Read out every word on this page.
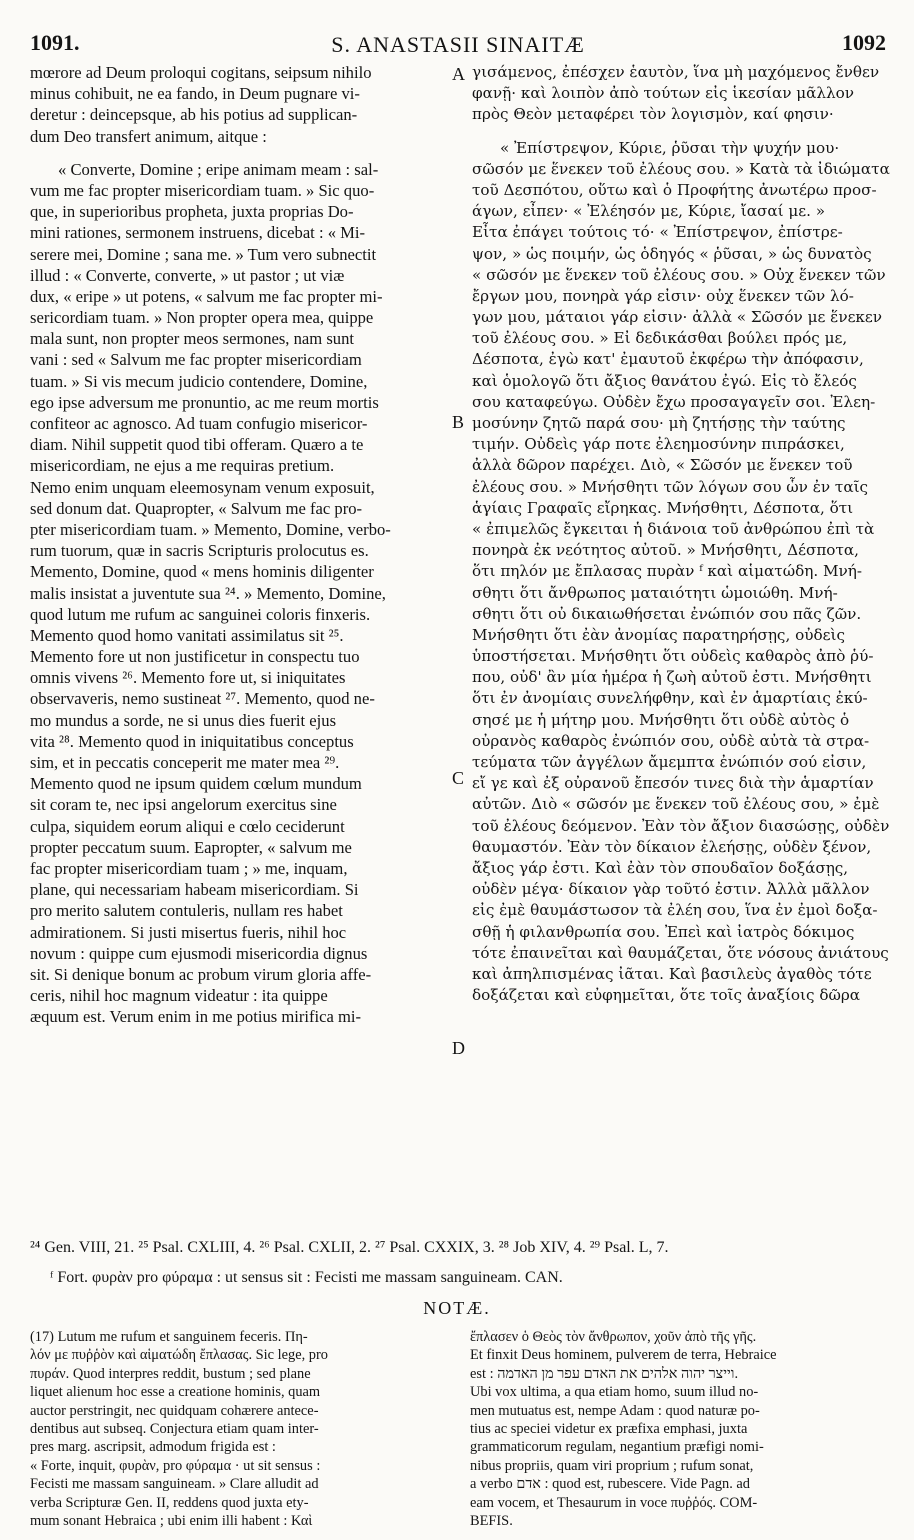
1091.	S. ANASTASII SINAITÆ	1092
mœrore ad Deum proloqui cogitans, seipsum nihilo
minus cohibuit, ne ea fando, in Deum pugnare vi-
deretur : deincepsque, ab his potius ad supplican-
dum Deo transfert animum, aitque :
« Converte, Domine ; eripe animam meam : sal-
vum me fac propter misericordiam tuam. » Sic quo-
que, in superioribus propheta, juxta proprias Do-
mini rationes, sermonem instruens, dicebat : « Mi-
serere mei, Domine ; sana me. » Tum vero subnectit
illud : « Converte, converte, » ut pastor ; ut viæ
dux, « eripe » ut potens, « salvum me fac propter mi-
sericordiam tuam. » Non propter opera mea, quippe
mala sunt, non propter meos sermones, nam sunt
vani : sed « Salvum me fac propter misericordiam
tuam. » Si vis mecum judicio contendere, Domine,
ego ipse adversum me pronuntio, ac me reum mortis
confiteor ac agnosco. Ad tuam confugio misericor-
diam. Nihil suppetit quod tibi offeram. Quæro a te
misericordiam, ne ejus a me requiras pretium.
Nemo enim unquam eleemosynam venum exposuit,
sed donum dat. Quapropter, « Salvum me fac pro-
pter misericordiam tuam. » Memento, Domine, verbo-
rum tuorum, quæ in sacris Scripturis prolocutus es.
Memento, Domine, quod « mens hominis diligenter
malis insistat a juventute sua ²⁴. » Memento, Domine,
quod lutum me rufum ac sanguinei coloris finxeris.
Memento quod homo vanitati assimilatus sit ²⁵.
Memento fore ut non justificetur in conspectu tuo
omnis vivens ²⁶. Memento fore ut, si iniquitates
observaveris, nemo sustineat ²⁷. Memento, quod ne-
mo mundus a sorde, ne si unus dies fuerit ejus
vita ²⁸. Memento quod in iniquitatibus conceptus
sim, et in peccatis conceperit me mater mea ²⁹.
Memento quod ne ipsum quidem cœlum mundum
sit coram te, nec ipsi angelorum exercitus sine
culpa, siquidem eorum aliqui e cœlo ceciderunt
propter peccatum suum. Eapropter, « salvum me
fac propter misericordiam tuam ; » me, inquam,
plane, qui necessariam habeam misericordiam. Si
pro merito salutem contuleris, nullam res habet
admirationem. Si justi misertus fueris, nihil hoc
novum : quippe cum ejusmodi misericordia dignus
sit. Si denique bonum ac probum virum gloria affe-
ceris, nihil hoc magnum videatur : ita quippe
æquum est. Verum enim in me potius mirifica mi-
γισάμενος, ἐπέσχεν ἑαυτὸν, ἵνα μὴ μαχόμενος ἔνθεν
φανῇ· καὶ λοιπὸν ἀπὸ τούτων εἰς ἱκεσίαν μᾶλλον
πρὸς Θεὸν μεταφέρει τὸν λογισμὸν, καί φησιν·
« Ἐπίστρεψον, Κύριε, ῥῦσαι τὴν ψυχήν μου·
σῶσόν με ἕνεκεν τοῦ ἐλέους σου. » Κατὰ τὰ ἰδιώματα
τοῦ Δεσπότου, οὕτω καὶ ὁ Προφήτης ἀνωτέρω προσ-
άγων, εἶπεν· « Ἐλέησόν με, Κύριε, ἴασαί με. »
Εἶτα ἐπάγει τούτοις τό· « Ἐπίστρεψον, ἐπίστρε-
ψον, » ὡς ποιμήν, ὡς ὁδηγός « ῥῦσαι, » ὡς δυνατὸς
« σῶσόν με ἕνεκεν τοῦ ἐλέους σου. » Οὐχ ἕνεκεν τῶν
ἔργων μου, πονηρὰ γάρ εἰσιν· οὐχ ἕνεκεν τῶν λό-
γων μου, μάταιοι γάρ εἰσιν· ἀλλὰ « Σῶσόν με ἕνεκεν
τοῦ ἐλέους σου. » Εἰ δεδικάσθαι βούλει πρός με,
Δέσποτα, ἐγὼ κατ' ἐμαυτοῦ ἐκφέρω τὴν ἀπόφασιν,
καὶ ὁμολογῶ ὅτι ἄξιος θανάτου ἐγώ. Εἰς τὸ ἔλεός
σου καταφεύγω. Οὐδὲν ἔχω προσαγαγεῖν σοι. Ἐλεη-
μοσύνην ζητῶ παρά σου· μὴ ζητήσῃς τὴν ταύτης
τιμήν. Οὐδεὶς γάρ ποτε ἐλεημοσύνην πιπράσκει,
ἀλλὰ δῶρον παρέχει. Διὸ, « Σῶσόν με ἕνεκεν τοῦ
ἐλέους σου. » Μνήσθητι τῶν λόγων σου ὧν ἐν ταῖς
ἁγίαις Γραφαῖς εἴρηκας. Μνήσθητι, Δέσποτα, ὅτι
« ἐπιμελῶς ἔγκειται ἡ διάνοια τοῦ ἀνθρώπου ἐπὶ τὰ
πονηρὰ ἐκ νεότητος αὐτοῦ. » Μνήσθητι, Δέσποτα,
ὅτι πηλόν με ἔπλασας πυρὰν ᶠ καὶ αἱματώδη. Μνή-
σθητι ὅτι ἄνθρωπος ματαιότητι ὡμοιώθη. Μνή-
σθητι ὅτι οὐ δικαιωθήσεται ἐνώπιόν σου πᾶς ζῶν.
Μνήσθητι ὅτι ἐὰν ἀνομίας παρατηρήσῃς, οὐδεὶς
ὑποστήσεται. Μνήσθητι ὅτι οὐδεὶς καθαρὸς ἀπὸ ῥύ-
που, οὐδ' ἂν μία ἡμέρα ἡ ζωὴ αὐτοῦ ἐστι. Μνήσθητι
ὅτι ἐν ἀνομίαις συνελήφθην, καὶ ἐν ἁμαρτίαις ἐκύ-
σησέ με ἡ μήτηρ μου. Μνήσθητι ὅτι οὐδὲ αὐτὸς ὁ
οὐρανὸς καθαρὸς ἐνώπιόν σου, οὐδὲ αὐτὰ τὰ στρα-
τεύματα τῶν ἀγγέλων ἄμεμπτα ἐνώπιόν σού εἰσιν,
εἴ γε καὶ ἐξ οὐρανοῦ ἔπεσόν τινες διὰ τὴν ἁμαρτίαν
αὐτῶν. Διὸ « σῶσόν με ἕνεκεν τοῦ ἐλέους σου, » ἐμὲ
τοῦ ἐλέους δεόμενον. Ἐὰν τὸν ἄξιον διασώσῃς, οὐδὲν
θαυμαστόν. Ἐὰν τὸν δίκαιον ἐλεήσῃς, οὐδὲν ξένον,
ἄξιος γάρ ἐστι. Καὶ ἐὰν τὸν σπουδαῖον δοξάσῃς,
οὐδὲν μέγα· δίκαιον γὰρ τοῦτό ἐστιν. Ἀλλὰ μᾶλλον
εἰς ἐμὲ θαυμάστωσον τὰ ἐλέη σου, ἵνα ἐν ἐμοὶ δοξα-
σθῇ ἡ φιλανθρωπία σου. Ἐπεὶ καὶ ἰατρὸς δόκιμος
τότε ἐπαινεῖται καὶ θαυμάζεται, ὅτε νόσους ἀνιάτους
καὶ ἀπηλπισμένας ἰᾶται. Καὶ βασιλεὺς ἀγαθὸς τότε
δοξάζεται καὶ εὐφημεῖται, ὅτε τοῖς ἀναξίοις δῶρα
A
B
C
D
²⁴ Gen. VIII, 21. ²⁵ Psal. CXLIII, 4. ²⁶ Psal. CXLII, 2. ²⁷ Psal. CXXIX, 3. ²⁸ Job XIV, 4. ²⁹ Psal. L, 7.
ᶠ Fort. φυρὰν pro φύραμα : ut sensus sit : Fecisti me massam sanguineam. CAN.
NOTÆ.
(17) Lutum me rufum et sanguinem feceris. Πη-
λόν με πυῤῥὸν καὶ αἱματώδη ἔπλασας. Sic lege, pro
πυράν. Quod interpres reddit, bustum ; sed plane
liquet alienum hoc esse a creatione hominis, quam
auctor perstringit, nec quidquam cohærere antece-
dentibus aut subseq. Conjectura etiam quam inter-
pres marg. ascripsit, admodum frigida est :
« Forte, inquit, φυρὰν, pro φύραμα · ut sit sensus :
Fecisti me massam sanguineam. » Clare alludit ad
verba Scripturæ Gen. II, reddens quod juxta ety-
mum sonant Hebraica ; ubi enim illi habent : Καὶ
ἔπλασεν ὁ Θεὸς τὸν ἄνθρωπον, χοῦν ἀπὸ τῆς γῆς.
Et finxit Deus hominem, pulverem de terra, Hebraice
est : וייצר יהוה אלהים את האדם עפר מן האדמה.
Ubi vox ultima, a qua etiam homo, suum illud no-
men mutuatus est, nempe Adam : quod naturæ po-
tius ac speciei videtur ex præfixa emphasi, juxta
grammaticorum regulam, negantium præfigi nomi-
nibus propriis, quam viri proprium ; rufum sonat,
a verbo אדם : quod est, rubescere. Vide Pagn. ad
eam vocem, et Thesaurum in voce πυῤῥός. COM-
BEFIS.
